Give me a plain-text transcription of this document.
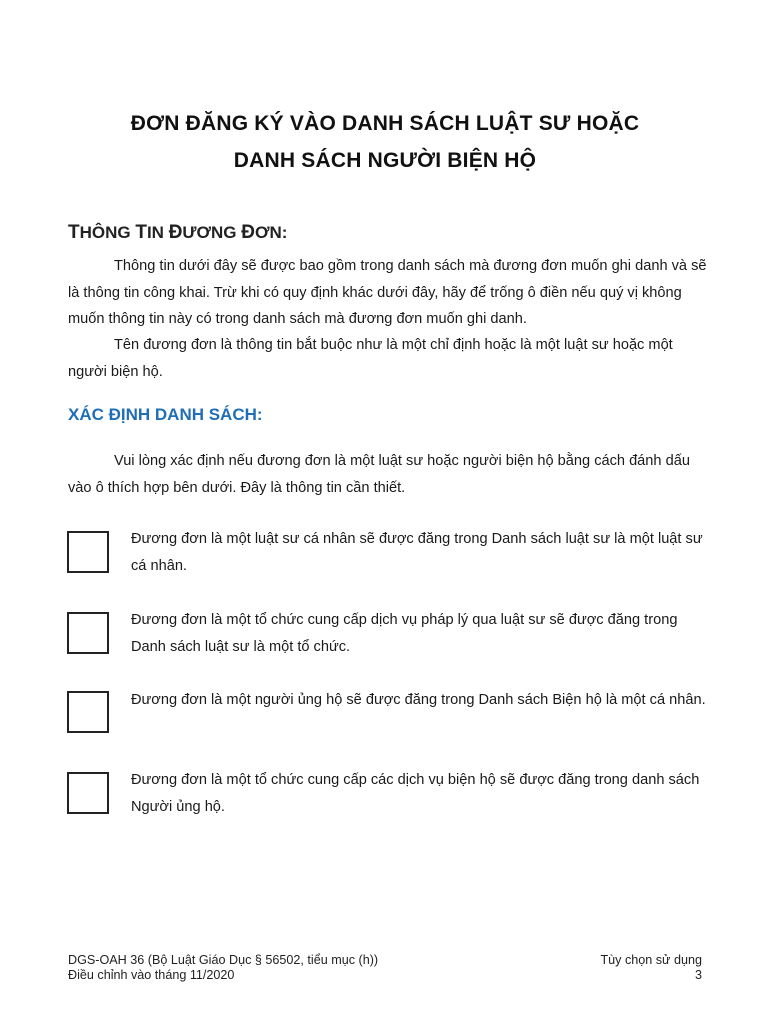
ĐƠN ĐĂNG KÝ VÀO DANH SÁCH LUẬT SƯ HOẶC
DANH SÁCH NGƯỜI BIỆN HỘ
THÔNG TIN ĐƯƠNG ĐƠN:

Thông tin dưới đây sẽ được bao gồm trong danh sách mà đương đơn muốn ghi danh và sẽ là thông tin công khai. Trừ khi có quy định khác dưới đây, hãy để trống ô điền nếu quý vị không muốn thông tin này có trong danh sách mà đương đơn muốn ghi danh.

Tên đương đơn là thông tin bắt buộc như là một chỉ định hoặc là một luật sư hoặc một người biện hộ.

XÁC ĐỊNH DANH SÁCH:

Vui lòng xác định nếu đương đơn là một luật sư hoặc người biện hộ bằng cách đánh dấu vào ô thích hợp bên dưới. Đây là thông tin cần thiết.

Đương đơn là một luật sư cá nhân sẽ được đăng trong Danh sách luật sư là một luật sư cá nhân.

Đương đơn là một tổ chức cung cấp dịch vụ pháp lý qua luật sư sẽ được đăng trong Danh sách luật sư là một tổ chức.

Đương đơn là một người ủng hộ sẽ được đăng trong Danh sách Biện hộ là một cá nhân.

Đương đơn là một tổ chức cung cấp các dịch vụ biện hộ sẽ được đăng trong danh sách Người ủng hộ.

DGS-OAH 36 (Bộ Luật Giáo Dục § 56502, tiểu mục (h))
Điều chỉnh vào tháng 11/2020
Tùy chọn sử dụng
3
